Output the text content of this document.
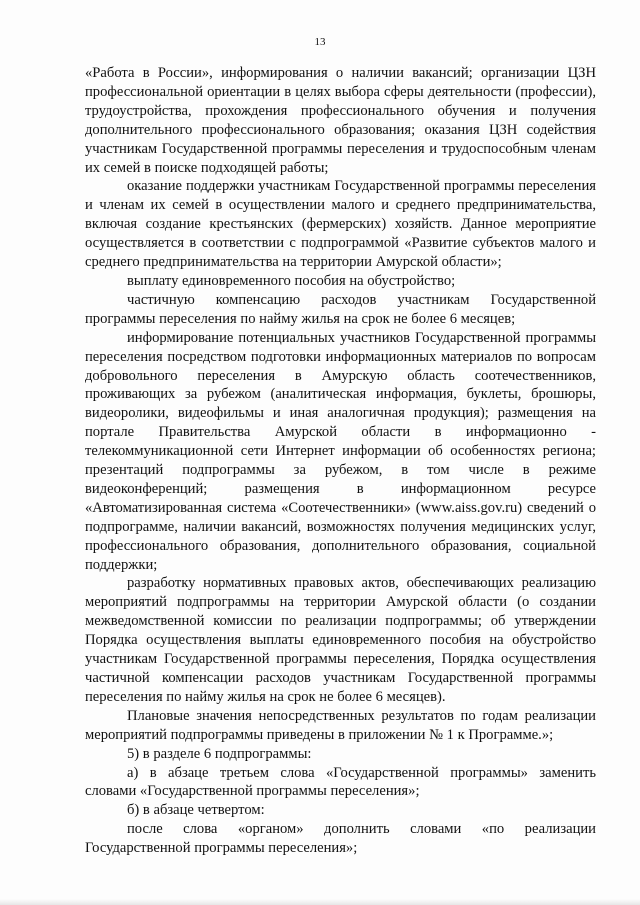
13

«Работа в России», информирования о наличии вакансий; организации ЦЗН профессиональной ориентации в целях выбора сферы деятельности (профессии), трудоустройства, прохождения профессионального обучения и получения дополнительного профессионального образования; оказания ЦЗН содействия участникам Государственной программы переселения и трудоспособным членам их семей в поиске подходящей работы;

оказание поддержки участникам Государственной программы переселения и членам их семей в осуществлении малого и среднего предпринимательства, включая создание крестьянских (фермерских) хозяйств. Данное мероприятие осуществляется в соответствии с подпрограммой «Развитие субъектов малого и среднего предпринимательства на территории Амурской области»;

выплату единовременного пособия на обустройство;

частичную компенсацию расходов участникам Государственной программы переселения по найму жилья на срок не более 6 месяцев;

информирование потенциальных участников Государственной программы переселения посредством подготовки информационных материалов по вопросам добровольного переселения в Амурскую область соотечественников, проживающих за рубежом (аналитическая информация, буклеты, брошюры, видеоролики, видеофильмы и иная аналогичная продукция); размещения на портале Правительства Амурской области в информационно - телекоммуникационной сети Интернет информации об особенностях региона; презентаций подпрограммы за рубежом, в том числе в режиме видеоконференций; размещения в информационном ресурсе «Автоматизированная система «Соотечественники» (www.aiss.gov.ru) сведений о подпрограмме, наличии вакансий, возможностях получения медицинских услуг, профессионального образования, дополнительного образования, социальной поддержки;

разработку нормативных правовых актов, обеспечивающих реализацию мероприятий подпрограммы на территории Амурской области (о создании межведомственной комиссии по реализации подпрограммы; об утверждении Порядка осуществления выплаты единовременного пособия на обустройство участникам Государственной программы переселения, Порядка осуществления частичной компенсации расходов участникам Государственной программы переселения по найму жилья на срок не более 6 месяцев).

Плановые значения непосредственных результатов по годам реализации мероприятий подпрограммы приведены в приложении № 1 к Программе.»;

5) в разделе 6 подпрограммы:

а) в абзаце третьем слова «Государственной программы» заменить словами «Государственной программы переселения»;

б) в абзаце четвертом:

после слова «органом» дополнить словами «по реализации Государственной программы переселения»;
